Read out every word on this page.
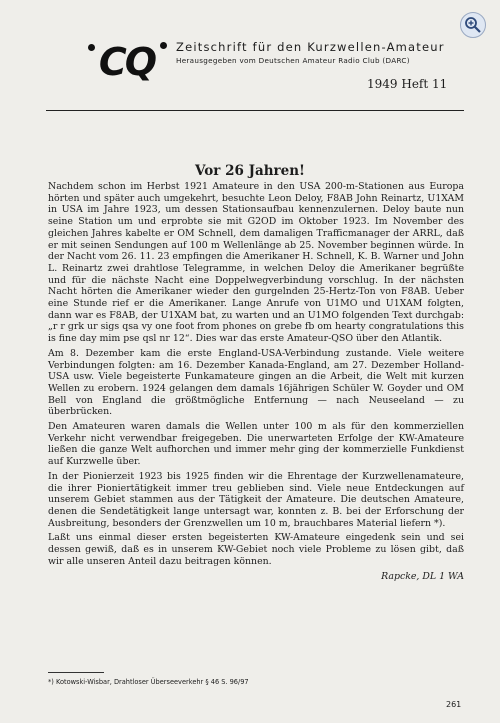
CQ	Zeitschrift für den Kurzwellen-Amateur
Herausgegeben vom Deutschen Amateur Radio Club (DARC)
1949 Heft 11
Vor 26 Jahren!

Nachdem schon im Herbst 1921 Amateure in den USA 200-m-Stationen aus Europa hörten und später auch umgekehrt, besuchte Leon Deloy, F8AB John Reinartz, U1XAM in USA im Jahre 1923, um dessen Stationsaufbau kennenzulernen. Deloy baute nun seine Station um und erprobte sie mit G2OD im Oktober 1923. Im November des gleichen Jahres kabelte er OM Schnell, dem damaligen Trafficmanager der ARRL, daß er mit seinen Sendungen auf 100 m Wellenlänge ab 25. November beginnen würde. In der Nacht vom 26. 11. 23 empfingen die Amerikaner H. Schnell, K. B. Warner und John L. Reinartz zwei drahtlose Telegramme, in welchen Deloy die Amerikaner begrüßte und für die nächste Nacht eine Doppelwegverbindung vorschlug. In der nächsten Nacht hörten die Amerikaner wieder den gurgelnden 25-Hertz-Ton von F8AB. Ueber eine Stunde rief er die Amerikaner. Lange Anrufe von U1MO und U1XAM folgten, dann war es F8AB, der U1XAM bat, zu warten und an U1MO folgenden Text durchgab: „r r grk ur sigs qsa vy one foot from phones on grebe fb om hearty congratulations this is fine day mim pse qsl nr 12“. Dies war das erste Amateur-QSO über den Atlantik.

Am 8. Dezember kam die erste England-USA-Verbindung zustande. Viele weitere Verbindungen folgten: am 16. Dezember Kanada-England, am 27. Dezember Holland-USA usw. Viele begeisterte Funkamateure gingen an die Arbeit, die Welt mit kurzen Wellen zu erobern. 1924 gelangen dem damals 16jährigen Schüler W. Goyder und OM Bell von England die größtmögliche Entfernung — nach Neuseeland — zu überbrücken.

Den Amateuren waren damals die Wellen unter 100 m als für den kommerziellen Verkehr nicht verwendbar freigegeben. Die unerwarteten Erfolge der KW-Amateure ließen die ganze Welt aufhorchen und immer mehr ging der kommerzielle Funkdienst auf Kurzwelle über.

In der Pionierzeit 1923 bis 1925 finden wir die Ehrentage der Kurzwellenamateure, die ihrer Pioniertätigkeit immer treu geblieben sind. Viele neue Entdeckungen auf unserem Gebiet stammen aus der Tätigkeit der Amateure. Die deutschen Amateure, denen die Sendetätigkeit lange untersagt war, konnten z. B. bei der Erforschung der Ausbreitung, besonders der Grenzwellen um 10 m, brauchbares Material liefern *).

Laßt uns einmal dieser ersten begeisterten KW-Amateure eingedenk sein und sei dessen gewiß, daß es in unserem KW-Gebiet noch viele Probleme zu lösen gibt, daß wir alle unseren Anteil dazu beitragen können.

Rapcke, DL 1 WA
*) Kotowski-Wisbar, Drahtloser Überseeverkehr § 46 S. 96/97
261
